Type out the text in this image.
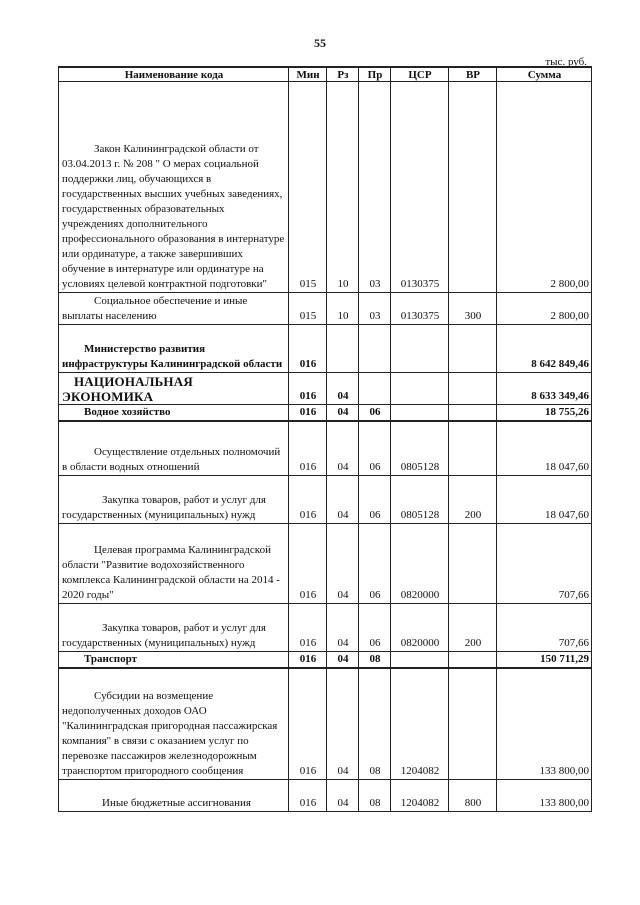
55
тыс. руб.
Наименование кода	Мин	Рз	Пр	ЦСР	ВР	Сумма
Закон Калининградской области от 03.04.2013 г. № 208 " О мерах социальной поддержки лиц, обучающихся в государственных высших учебных заведениях, государственных образовательных учреждениях дополнительного профессионального образования в интернатуре или ординатуре, а также завершивших обучение в интернатуре или ординатуре на условиях целевой контрактной подготовки"	015	10	03	0130375		2 800,00
Социальное обеспечение и иные выплаты населению	015	10	03	0130375	300	2 800,00
Министерство развития инфраструктуры Калининградской области	016					8 642 849,46
НАЦИОНАЛЬНАЯ ЭКОНОМИКА	016	04				8 633 349,46
Водное хозяйство	016	04	06			18 755,26
Осуществление отдельных полномочий в области водных отношений	016	04	06	0805128		18 047,60
Закупка товаров, работ и услуг для государственных (муниципальных) нужд	016	04	06	0805128	200	18 047,60
Целевая программа Калининградской области "Развитие водохозяйственного комплекса Калининградской области на 2014 - 2020 годы"	016	04	06	0820000		707,66
Закупка товаров, работ и услуг для государственных (муниципальных) нужд	016	04	06	0820000	200	707,66
Транспорт	016	04	08			150 711,29
Субсидии на возмещение недополученных доходов ОАО "Калининградская пригородная пассажирская компания" в связи с оказанием услуг по перевозке пассажиров железнодорожным транспортом пригородного сообщения	016	04	08	1204082		133 800,00
Иные бюджетные ассигнования	016	04	08	1204082	800	133 800,00
